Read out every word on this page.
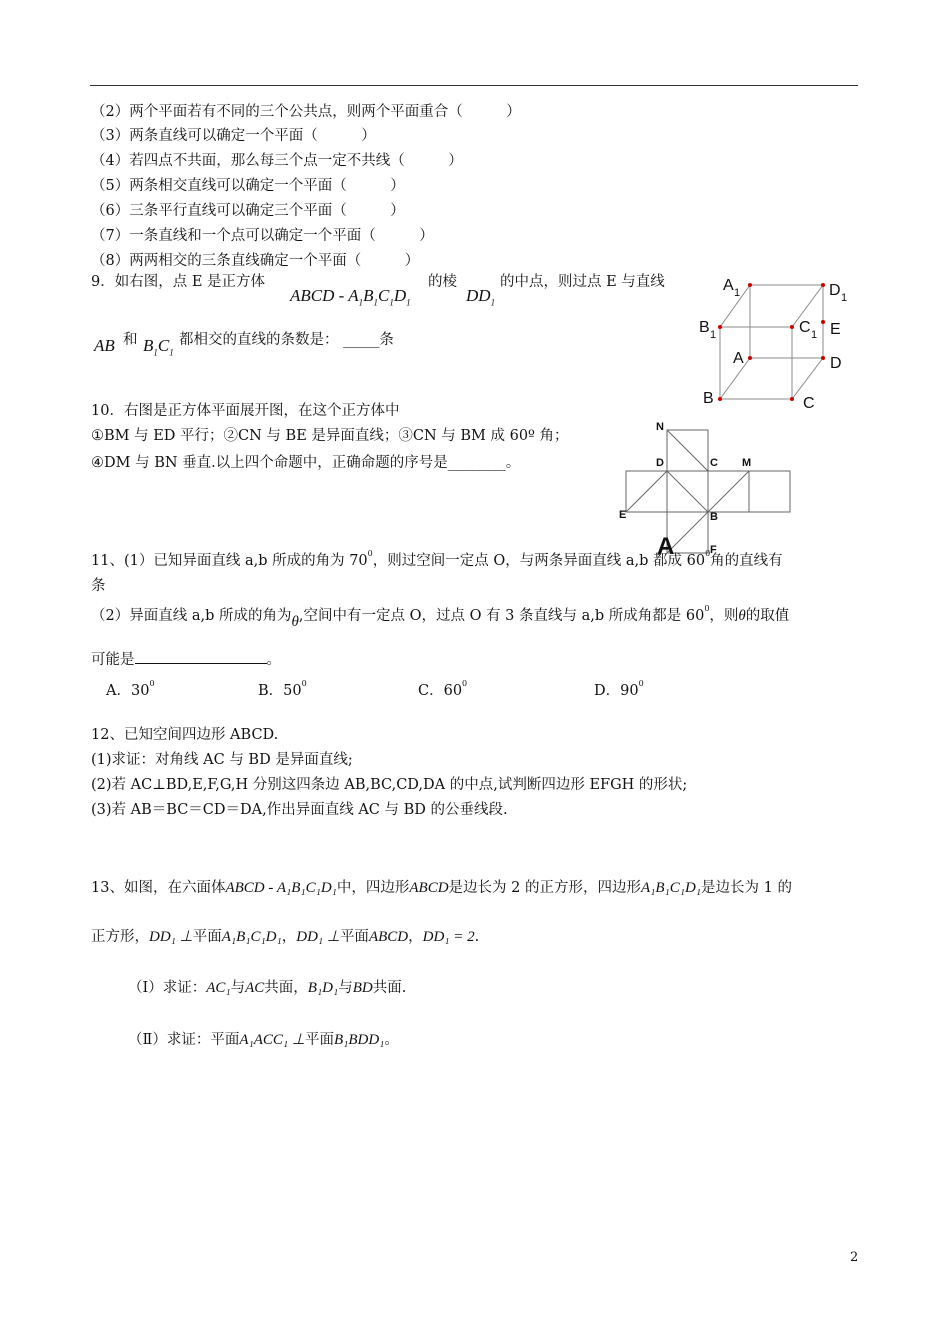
（2）两个平面若有不同的三个公共点，则两个平面重合（　　　）
（3）两条直线可以确定一个平面（　　　）
（4）若四点不共面，那么每三个点一定不共线（　　　）
（5）两条相交直线可以确定一个平面（　　　）
（6）三条平行直线可以确定三个平面（　　　）
（7）一条直线和一个点可以确定一个平面（　　　）
（8）两两相交的三条直线确定一个平面（　　　）
9．如右图，点 E 是正方体
ABCD - $A_1B_1C_1D_1$
的棱
$DD_1$
的中点，则过点 E 与直线
AB 和 $B_1C_1$
都相交的直线的条数是： _____条
A 1	D 1
B 1	C 1 E
A	D
B	C
10．右图是正方体平面展开图，在这个正方体中
①BM 与 ED 平行；②CN 与 BE 是异面直线；③CN 与 BM 成 60º 角；
④DM 与 BN 垂直.以上四个命题中，正确命题的序号是________。
N
D	C M
E	B
F
A
11、(1）已知异面直线 a,b 所成的角为 $70^0$，则过空间一定点 O，与两条异面直线 a,b 都成 $60^0$角的直线有
条
（2）异面直线 a,b 所成的角为θ,空间中有一定点 O，过点 O 有 3 条直线与 a,b 所成角都是 $60^0$，则θ的取值
可能是	。
A．$30^0$	B．$50^0$	C．$60^0$	D．$90^0$
12、已知空间四边形 ABCD.
(1)求证：对角线 AC 与 BD 是异面直线;
(2)若 AC⊥BD,E,F,G,H 分别这四条边 AB,BC,CD,DA 的中点,试判断四边形 EFGH 的形状;
(3)若 AB＝BC＝CD＝DA,作出异面直线 AC 与 BD 的公垂线段.
13、如图，在六面体ABCD - A₁B₁C₁D₁中，四边形ABCD是边长为 2 的正方形，四边形A₁B₁C₁D₁是边长为 1 的
正方形，DD₁ ⊥平面A₁B₁C₁D₁，DD₁ ⊥平面ABCD，DD₁ = 2.
（Ⅰ）求证：AC₁与AC共面，B₁D₁与BD共面.
（Ⅱ）求证：平面A₁ACC₁ ⊥平面B₁BDD₁。
2
